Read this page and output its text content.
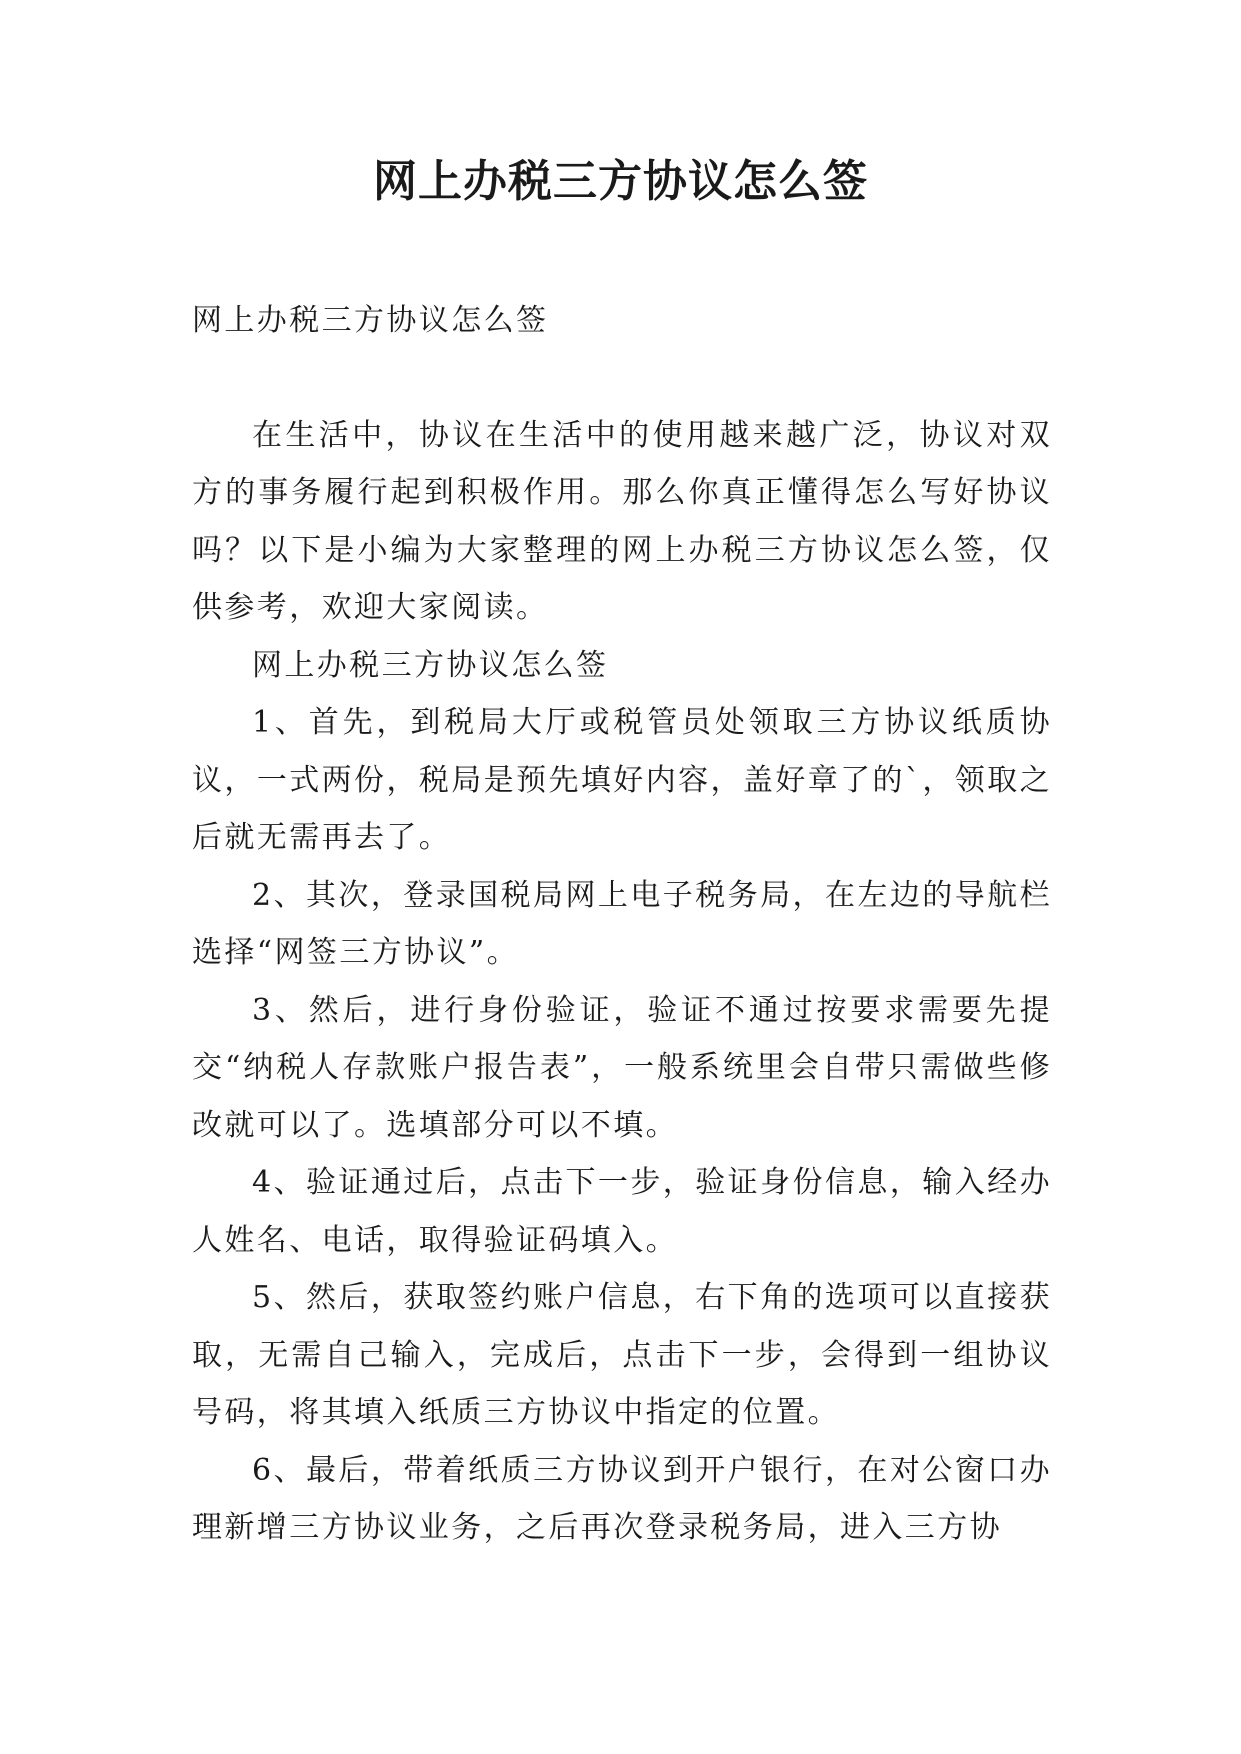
网上办税三方协议怎么签

网上办税三方协议怎么签

在生活中，协议在生活中的使用越来越广泛，协议对双方的事务履行起到积极作用。那么你真正懂得怎么写好协议吗？以下是小编为大家整理的网上办税三方协议怎么签，仅供参考，欢迎大家阅读。

网上办税三方协议怎么签

1、首先，到税局大厅或税管员处领取三方协议纸质协议，一式两份，税局是预先填好内容，盖好章了的`，领取之后就无需再去了。

2、其次，登录国税局网上电子税务局，在左边的导航栏选择“网签三方协议”。

3、然后，进行身份验证，验证不通过按要求需要先提交“纳税人存款账户报告表”，一般系统里会自带只需做些修改就可以了。选填部分可以不填。

4、验证通过后，点击下一步，验证身份信息，输入经办人姓名、电话，取得验证码填入。

5、然后，获取签约账户信息，右下角的选项可以直接获取，无需自己输入，完成后，点击下一步，会得到一组协议号码，将其填入纸质三方协议中指定的位置。

6、最后，带着纸质三方协议到开户银行，在对公窗口办理新增三方协议业务，之后再次登录税务局，进入三方协
